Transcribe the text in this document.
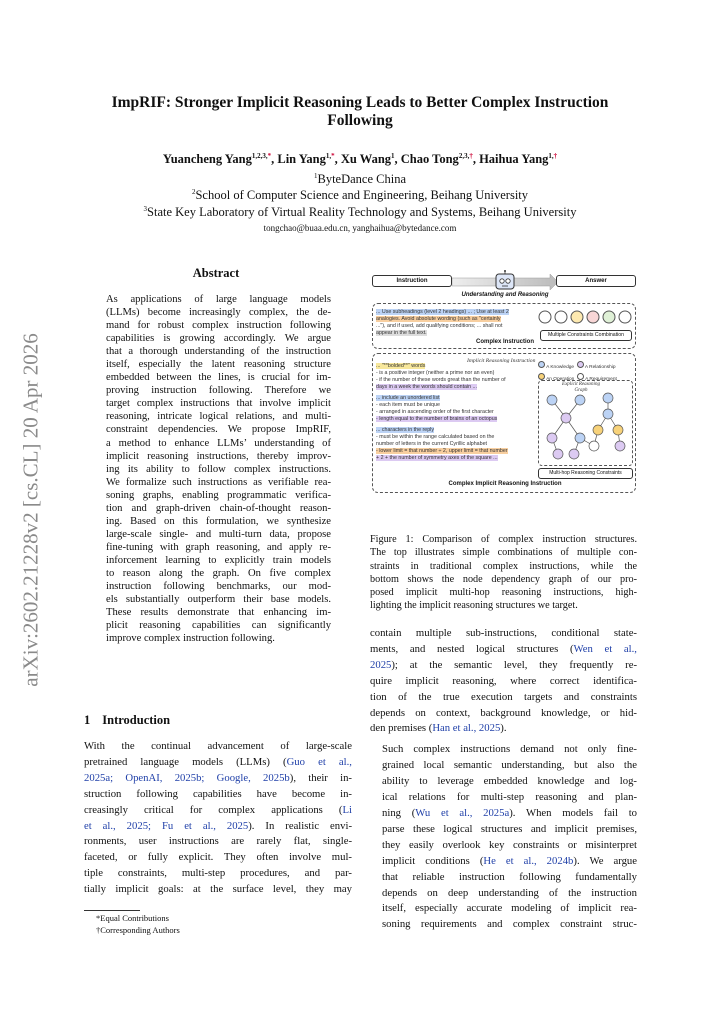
arXiv:2602.21228v2 [cs.CL] 20 Apr 2026
ImpRIF: Stronger Implicit Reasoning Leads to Better Complex Instruction
Following
Yuancheng Yang$^{1,2,3,*}$, Lin Yang$^{1,*}$, Xu Wang$^1$, Chao Tong$^{2,3,\dagger}$, Haihua Yang$^{1,\dagger}$
$^1$ByteDance China
$^2$School of Computer Science and Engineering, Beihang University
$^3$State Key Laboratory of Virtual Reality Technology and Systems, Beihang University
tongchao@buaa.edu.cn, yanghaihua@bytedance.com
Abstract
As applications of large language models
(LLMs) become increasingly complex, the de-
mand for robust complex instruction following
capabilities is growing accordingly. We argue
that a thorough understanding of the instruction
itself, especially the latent reasoning structure
embedded between the lines, is crucial for im-
proving instruction following. Therefore we
target complex instructions that involve implicit
reasoning, intricate logical relations, and multi-
constraint dependencies. We propose ImpRIF,
a method to enhance LLMs’ understanding of
implicit reasoning instructions, thereby improv-
ing its ability to follow complex instructions.
We formalize such instructions as verifiable rea-
soning graphs, enabling programmatic verifica-
tion and graph-driven chain-of-thought reason-
ing. Based on this formulation, we synthesize
large-scale single- and multi-turn data, propose
fine-tuning with graph reasoning, and apply re-
inforcement learning to explicitly train models
to reason along the graph. On five complex
instruction following benchmarks, our mod-
els substantially outperform their base models.
These results demonstrate that enhancing im-
plicit reasoning capabilities can significantly
improve complex instruction following.
1 Introduction
With the continual advancement of large-scale
pretrained language models (LLMs) (Guo et al.,
2025a; OpenAI, 2025b; Google, 2025b), their in-
struction following capabilities have become in-
creasingly critical for complex applications (Li
et al., 2025; Fu et al., 2025). In realistic envi-
ronments, user instructions are rarely flat, single-
faceted, or fully explicit. They often involve mul-
tiple constraints, multi-step procedures, and par-
tially implicit goals: at the surface level, they may
*Equal Contributions
†Corresponding Authors
Instruction	Answer
Understanding and Reasoning
... Use subheadings (level 2 headings) ... ; Use at least 2
analogies. Avoid absolute wording (such as "certainly
..."), and if used, add qualifying conditions; ... shall not
appear in the full text.	Multiple Constraints Combination
Complex Instruction
Implicit Reasoning Instruction
... "**bolded**" words
- is a positive integer (neither a prime nor an even)
- if the number of these words great than the number of
days in a week the words should contain ...
... include an unordered list
- each item must be unique
- arranged in ascending order of the first character
- length equal to the number of brains of an octopus
... characters in the reply
- must be within the range calculated based on the
number of letters in the current Cyrillic alphabet
- lower limit = that number ÷ 2, upper limit = that number
+ 2 + the number of symmetry axes of the square ...
A Knowledge A Relationship
An Operation A Requirement
Explicit Reasoning Graph
Multi-hop Reasoning Constraints
Complex Implicit Reasoning Instruction
Figure 1: Comparison of complex instruction structures.
The top illustrates simple combinations of multiple con-
straints in traditional complex instructions, while the
bottom shows the node dependency graph of our pro-
posed implicit multi-hop reasoning instructions, high-
lighting the implicit reasoning structures we target.

contain multiple sub-instructions, conditional state-
ments, and nested logical structures (Wen et al.,
2025); at the semantic level, they frequently re-
quire implicit reasoning, where correct identifica-
tion of the true execution targets and constraints
depends on context, background knowledge, or hid-
den premises (Han et al., 2025).

Such complex instructions demand not only fine-
grained local semantic understanding, but also the
ability to leverage embedded knowledge and log-
ical relations for multi-step reasoning and plan-
ning (Wu et al., 2025a). When models fail to
parse these logical structures and implicit premises,
they easily overlook key constraints or misinterpret
implicit conditions (He et al., 2024b). We argue
that reliable instruction following fundamentally
depends on deep understanding of the instruction
itself, especially accurate modeling of implicit rea-
soning requirements and complex constraint struc-
